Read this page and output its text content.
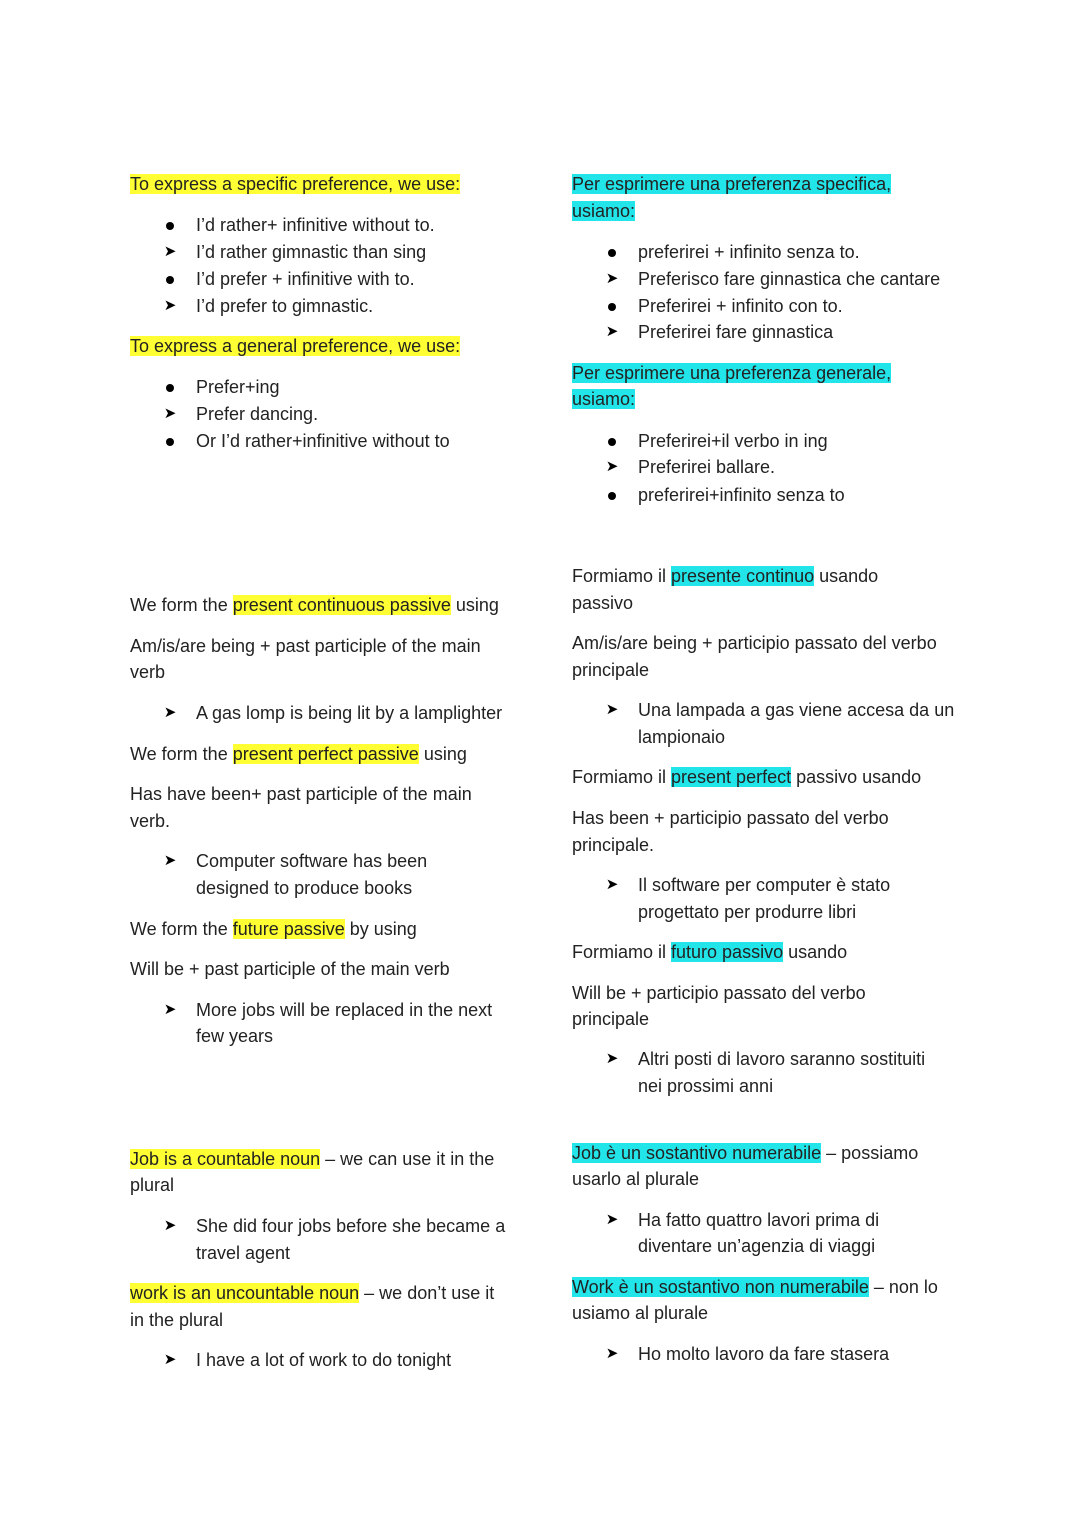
To express a specific preference, we use:
I’d rather+ infinitive without to.
➤ I’d rather gimnastic than sing
I’d prefer + infinitive with to.
➤ I’d prefer to gimnastic.
To express a general preference, we use:
Prefer+ing
➤ Prefer dancing.
Or I’d rather+infinitive without to
We form the present continuous passive using
Am/is/are being + past participle of the main
verb
➤ A gas lomp is being lit by a lamplighter
We form the present perfect passive using
Has have been+ past participle of the main
verb.
➤ Computer software has been
designed to produce books
We form the future passive by using
Will be + past participle of the main verb
➤ More jobs will be replaced in the next
few years
Job is a countable noun – we can use it in the
plural
➤ She did four jobs before she became a
travel agent
work is an uncountable noun – we don’t use it
in the plural
➤ I have a lot of work to do tonight
Per esprimere una preferenza specifica,
usiamo:
preferirei + infinito senza to.
➤ Preferisco fare ginnastica che cantare
Preferirei + infinito con to.
➤ Preferirei fare ginnastica
Per esprimere una preferenza generale,
usiamo:
Preferirei+il verbo in ing
➤ Preferirei ballare.
preferirei+infinito senza to
Formiamo il presente continuo usando
passivo
Am/is/are being + participio passato del verbo
principale
➤ Una lampada a gas viene accesa da un
lampionaio
Formiamo il present perfect passivo usando
Has been + participio passato del verbo
principale.
➤ Il software per computer è stato
progettato per produrre libri
Formiamo il futuro passivo usando
Will be + participio passato del verbo
principale
➤ Altri posti di lavoro saranno sostituiti
nei prossimi anni
Job è un sostantivo numerabile – possiamo
usarlo al plurale
➤ Ha fatto quattro lavori prima di
diventare un’agenzia di viaggi
Work è un sostantivo non numerabile – non lo
usiamo al plurale
➤ Ho molto lavoro da fare stasera
